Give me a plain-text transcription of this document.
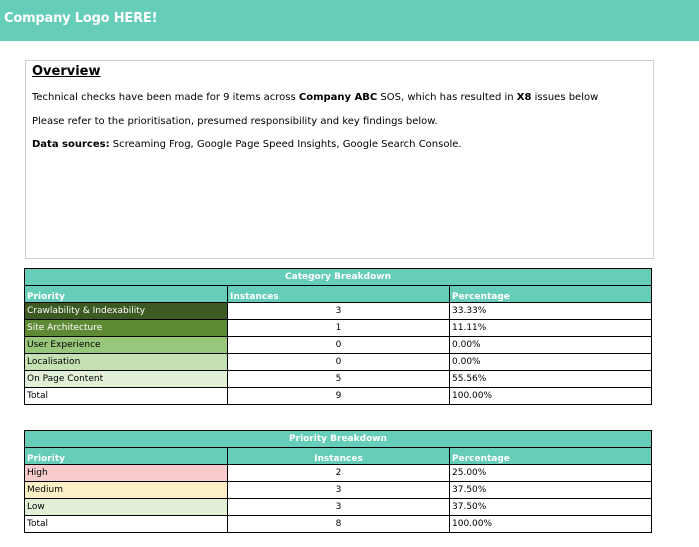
Company Logo HERE!
Overview
Technical checks have been made for 9 items across Company ABC SOS, which has resulted in X8 issues below
Please refer to the prioritisation, presumed responsibility and key findings below.
Data sources: Screaming Frog, Google Page Speed Insights, Google Search Console.
Category Breakdown		
Priority	Instances	Percentage
Crawlability & Indexability	3	33.33%
Site Architecture	1	11.11%
User Experience	0	0.00%
Localisation	0	0.00%
On Page Content	5	55.56%
Total	9	100.00%
Priority Breakdown		
Priority	Instances	Percentage
High	2	25.00%
Medium	3	37.50%
Low	3	37.50%
Total	8	100.00%
